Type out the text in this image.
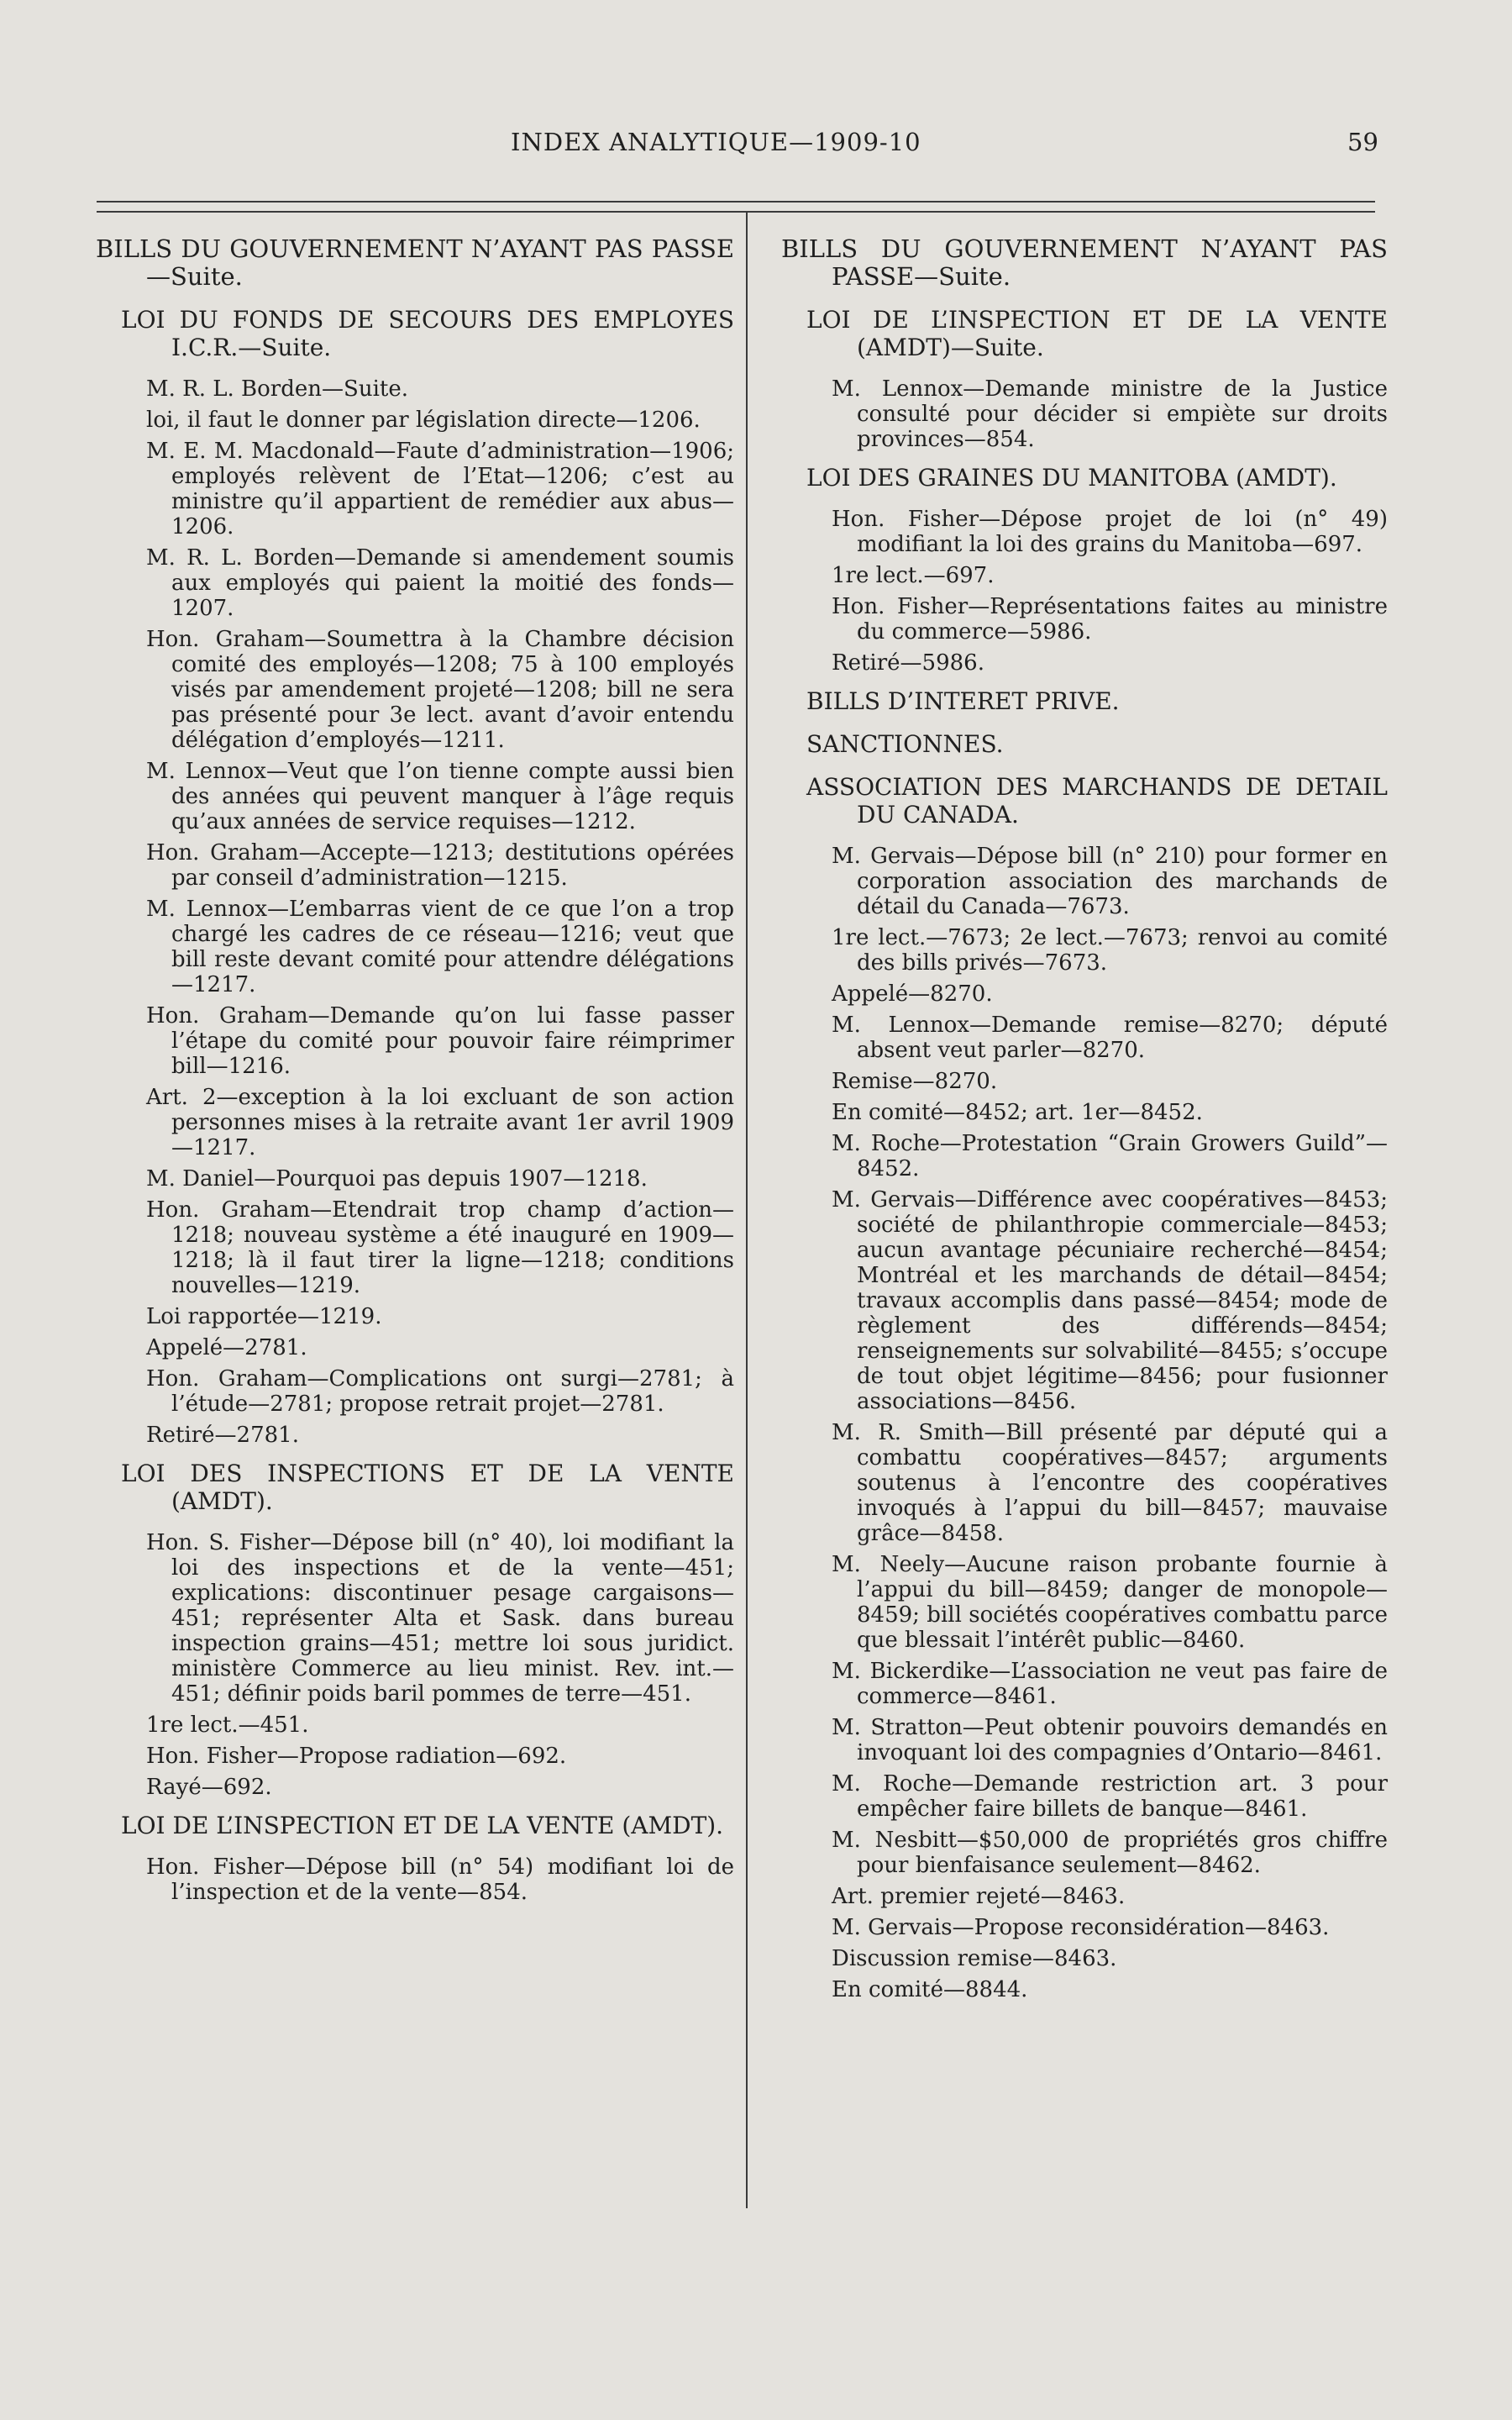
INDEX ANALYTIQUE—1909-10	59
BILLS DU GOUVERNEMENT N’AYANT PAS PASSE—Suite.
LOI DU FONDS DE SECOURS DES EMPLOYES I.C.R.—Suite.
M. R. L. Borden—Suite.
loi, il faut le donner par législation directe—1206.
M. E. M. Macdonald—Faute d’administration—1906; employés relèvent de l’Etat—1206; c’est au ministre qu’il appartient de remédier aux abus—1206.
M. R. L. Borden—Demande si amendement soumis aux employés qui paient la moitié des fonds—1207.
Hon. Graham—Soumettra à la Chambre décision comité des employés—1208; 75 à 100 employés visés par amendement projeté—1208; bill ne sera pas présenté pour 3e lect. avant d’avoir entendu délégation d’employés—1211.
M. Lennox—Veut que l’on tienne compte aussi bien des années qui peuvent manquer à l’âge requis qu’aux années de service requises—1212.
Hon. Graham—Accepte—1213; destitutions opérées par conseil d’administration—1215.
M. Lennox—L’embarras vient de ce que l’on a trop chargé les cadres de ce réseau—1216; veut que bill reste devant comité pour attendre délégations—1217.
Hon. Graham—Demande qu’on lui fasse passer l’étape du comité pour pouvoir faire réimprimer bill—1216.
Art. 2—exception à la loi excluant de son action personnes mises à la retraite avant 1er avril 1909—1217.
M. Daniel—Pourquoi pas depuis 1907—1218.
Hon. Graham—Etendrait trop champ d’action—1218; nouveau système a été inauguré en 1909—1218; là il faut tirer la ligne—1218; conditions nouvelles—1219.
Loi rapportée—1219.
Appelé—2781.
Hon. Graham—Complications ont surgi—2781; à l’étude—2781; propose retrait projet—2781.
Retiré—2781.
LOI DES INSPECTIONS ET DE LA VENTE (AMDT).
Hon. S. Fisher—Dépose bill (n° 40), loi modifiant la loi des inspections et de la vente—451; explications: discontinuer pesage cargaisons—451; représenter Alta et Sask. dans bureau inspection grains—451; mettre loi sous juridict. ministère Commerce au lieu minist. Rev. int.—451; définir poids baril pommes de terre—451.
1re lect.—451.
Hon. Fisher—Propose radiation—692.
Rayé—692.
LOI DE L’INSPECTION ET DE LA VENTE (AMDT).
Hon. Fisher—Dépose bill (n° 54) modifiant loi de l’inspection et de la vente—854.
BILLS DU GOUVERNEMENT N’AYANT PAS PASSE—Suite.
LOI DE L’INSPECTION ET DE LA VENTE (AMDT)—Suite.
M. Lennox—Demande ministre de la Justice consulté pour décider si empiète sur droits provinces—854.
LOI DES GRAINES DU MANITOBA (AMDT).
Hon. Fisher—Dépose projet de loi (n° 49) modifiant la loi des grains du Manitoba—697.
1re lect.—697.
Hon. Fisher—Représentations faites au ministre du commerce—5986.
Retiré—5986.
BILLS D’INTERET PRIVE.
SANCTIONNES.
ASSOCIATION DES MARCHANDS DE DETAIL DU CANADA.
M. Gervais—Dépose bill (n° 210) pour former en corporation association des marchands de détail du Canada—7673.
1re lect.—7673; 2e lect.—7673; renvoi au comité des bills privés—7673.
Appelé—8270.
M. Lennox—Demande remise—8270; député absent veut parler—8270.
Remise—8270.
En comité—8452; art. 1er—8452.
M. Roche—Protestation “Grain Growers Guild”—8452.
M. Gervais—Différence avec coopératives—8453; société de philanthropie commerciale—8453; aucun avantage pécuniaire recherché—8454; Montréal et les marchands de détail—8454; travaux accomplis dans passé—8454; mode de règlement des différends—8454; renseignements sur solvabilité—8455; s’occupe de tout objet légitime—8456; pour fusionner associations—8456.
M. R. Smith—Bill présenté par député qui a combattu coopératives—8457; arguments soutenus à l’encontre des coopératives invoqués à l’appui du bill—8457; mauvaise grâce—8458.
M. Neely—Aucune raison probante fournie à l’appui du bill—8459; danger de monopole—8459; bill sociétés coopératives combattu parce que blessait l’intérêt public—8460.
M. Bickerdike—L’association ne veut pas faire de commerce—8461.
M. Stratton—Peut obtenir pouvoirs demandés en invoquant loi des compagnies d’Ontario—8461.
M. Roche—Demande restriction art. 3 pour empêcher faire billets de banque—8461.
M. Nesbitt—$50,000 de propriétés gros chiffre pour bienfaisance seulement—8462.
Art. premier rejeté—8463.
M. Gervais—Propose reconsidération—8463.
Discussion remise—8463.
En comité—8844.
